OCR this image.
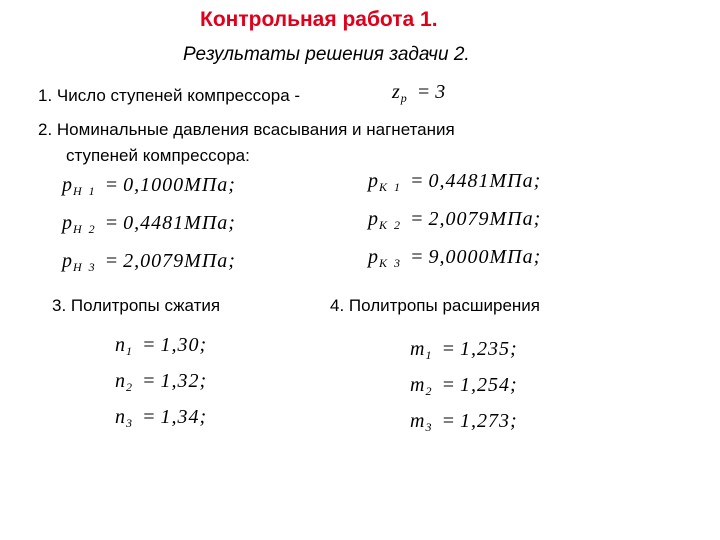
Контрольная работа 1.
Результаты решения задачи 2.
1. Число ступеней компрессора -	$z_p = 3$
2. Номинальные давления всасывания и нагнетания
ступеней компрессора:
$p_{H 1} = 0,1000МПа$;
$p_{H 2} = 0,4481МПа$;
$p_{H 3} = 2,0079МПа$;
$p_{K 1} = 0,4481МПа$;
$p_{K 2} = 2,0079МПа$;
$p_{K 3} = 9,0000МПа$;
3. Политропы сжатия
$n_1 = 1,30$;
$n_2 = 1,32$;
$n_3 = 1,34$;
4. Политропы расширения
$m_1 = 1,235$;
$m_2 = 1,254$;
$m_3 = 1,273$;
